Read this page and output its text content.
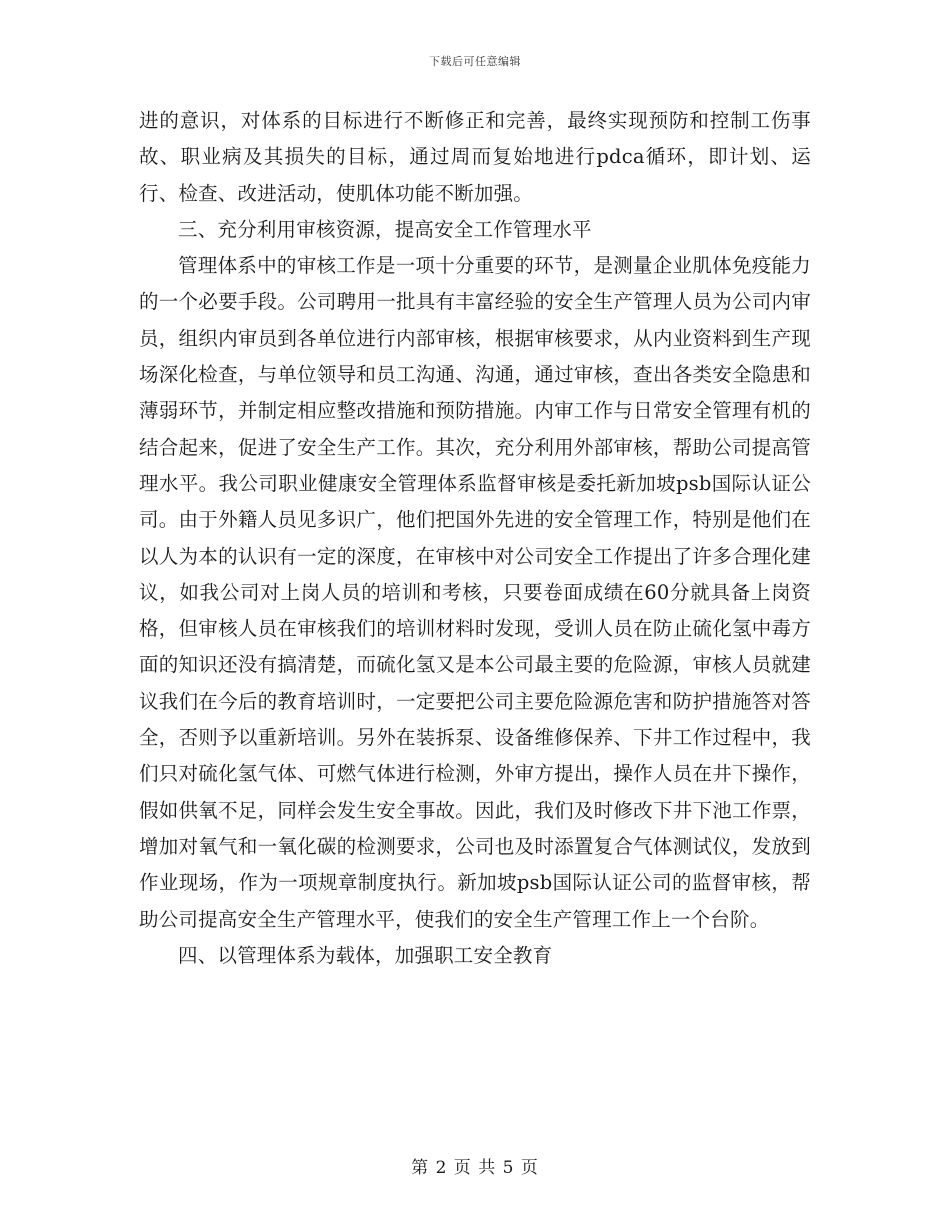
下载后可任意编辑

进的意识，对体系的目标进行不断修正和完善，最终实现预防和控制工伤事故、职业病及其损失的目标，通过周而复始地进行pdca循环，即计划、运行、检查、改进活动，使肌体功能不断加强。

三、充分利用审核资源，提高安全工作管理水平

管理体系中的审核工作是一项十分重要的环节，是测量企业肌体免疫能力的一个必要手段。公司聘用一批具有丰富经验的安全生产管理人员为公司内审员，组织内审员到各单位进行内部审核，根据审核要求，从内业资料到生产现场深化检查，与单位领导和员工沟通、沟通，通过审核，查出各类安全隐患和薄弱环节，并制定相应整改措施和预防措施。内审工作与日常安全管理有机的结合起来，促进了安全生产工作。其次，充分利用外部审核，帮助公司提高管理水平。我公司职业健康安全管理体系监督审核是委托新加坡psb国际认证公司。由于外籍人员见多识广，他们把国外先进的安全管理工作，特别是他们在以人为本的认识有一定的深度，在审核中对公司安全工作提出了许多合理化建议，如我公司对上岗人员的培训和考核，只要卷面成绩在60分就具备上岗资格，但审核人员在审核我们的培训材料时发现，受训人员在防止硫化氢中毒方面的知识还没有搞清楚，而硫化氢又是本公司最主要的危险源，审核人员就建议我们在今后的教育培训时，一定要把公司主要危险源危害和防护措施答对答全，否则予以重新培训。另外在装拆泵、设备维修保养、下井工作过程中，我们只对硫化氢气体、可燃气体进行检测，外审方提出，操作人员在井下操作，假如供氧不足，同样会发生安全事故。因此，我们及时修改下井下池工作票，增加对氧气和一氧化碳的检测要求，公司也及时添置复合气体测试仪，发放到作业现场，作为一项规章制度执行。新加坡psb国际认证公司的监督审核，帮助公司提高安全生产管理水平，使我们的安全生产管理工作上一个台阶。

四、以管理体系为载体，加强职工安全教育

第 2 页 共 5 页
